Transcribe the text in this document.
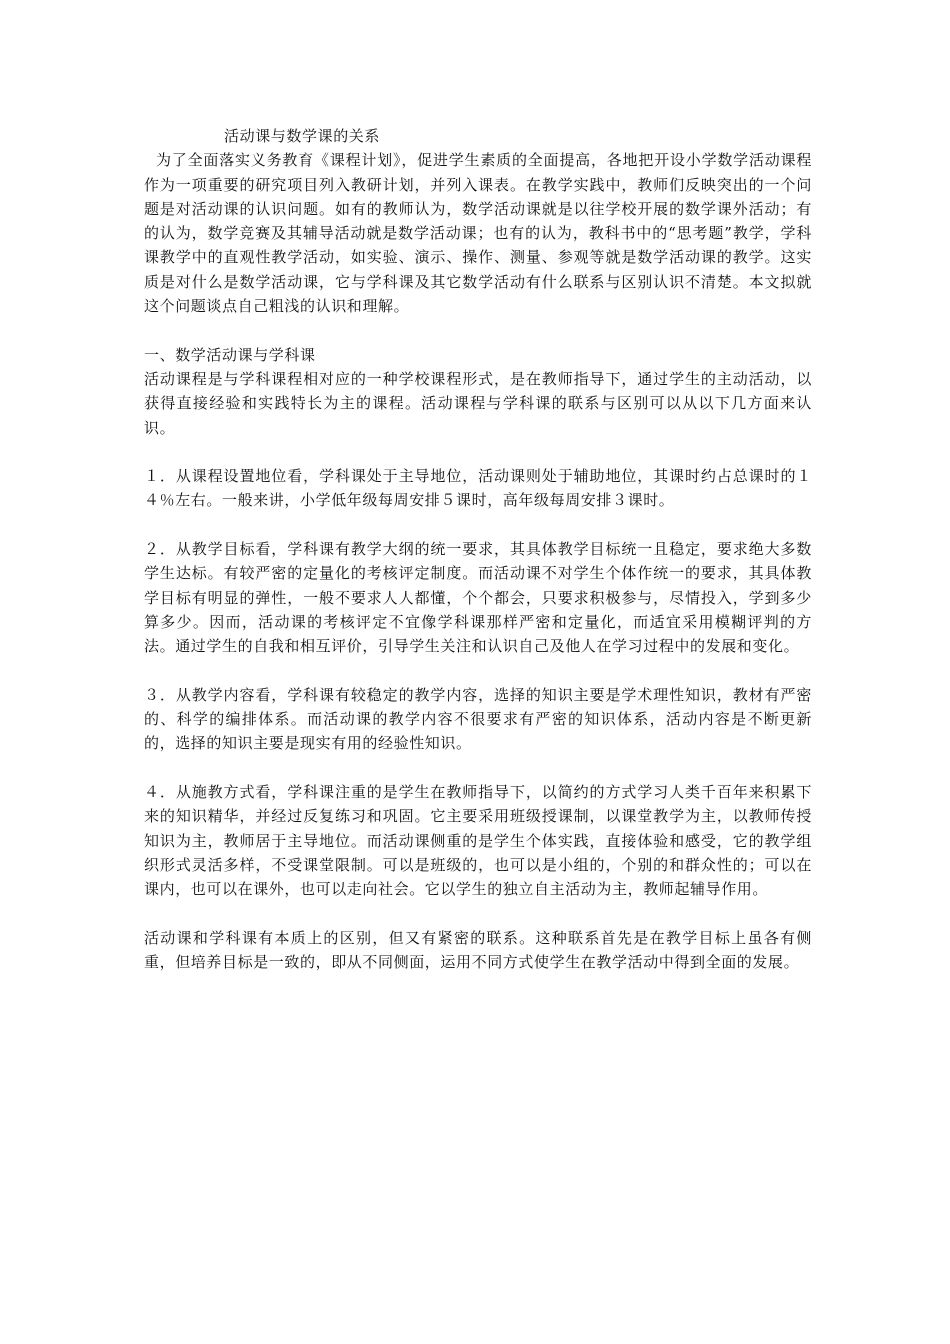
活动课与数学课的关系

为了全面落实义务教育《课程计划》，促进学生素质的全面提高，各地把开设小学数学活动课程作为一项重要的研究项目列入教研计划，并列入课表。在教学实践中，教师们反映突出的一个问题是对活动课的认识问题。如有的教师认为，数学活动课就是以往学校开展的数学课外活动；有的认为，数学竞赛及其辅导活动就是数学活动课；也有的认为，教科书中的“思考题”教学，学科课教学中的直观性教学活动，如实验、演示、操作、测量、参观等就是数学活动课的教学。这实质是对什么是数学活动课，它与学科课及其它数学活动有什么联系与区别认识不清楚。本文拟就这个问题谈点自己粗浅的认识和理解。

一、数学活动课与学科课

活动课程是与学科课程相对应的一种学校课程形式，是在教师指导下，通过学生的主动活动，以获得直接经验和实践特长为主的课程。活动课程与学科课的联系与区别可以从以下几方面来认识。

１．从课程设置地位看，学科课处于主导地位，活动课则处于辅助地位，其课时约占总课时的１４％左右。一般来讲，小学低年级每周安排５课时，高年级每周安排３课时。

２．从教学目标看，学科课有教学大纲的统一要求，其具体教学目标统一且稳定，要求绝大多数学生达标。有较严密的定量化的考核评定制度。而活动课不对学生个体作统一的要求，其具体教学目标有明显的弹性，一般不要求人人都懂，个个都会，只要求积极参与，尽情投入，学到多少算多少。因而，活动课的考核评定不宜像学科课那样严密和定量化，而适宜采用模糊评判的方法。通过学生的自我和相互评价，引导学生关注和认识自己及他人在学习过程中的发展和变化。

３．从教学内容看，学科课有较稳定的教学内容，选择的知识主要是学术理性知识，教材有严密的、科学的编排体系。而活动课的教学内容不很要求有严密的知识体系，活动内容是不断更新的，选择的知识主要是现实有用的经验性知识。

４．从施教方式看，学科课注重的是学生在教师指导下，以简约的方式学习人类千百年来积累下来的知识精华，并经过反复练习和巩固。它主要采用班级授课制，以课堂教学为主，以教师传授知识为主，教师居于主导地位。而活动课侧重的是学生个体实践，直接体验和感受，它的教学组织形式灵活多样，不受课堂限制。可以是班级的，也可以是小组的，个别的和群众性的；可以在课内，也可以在课外，也可以走向社会。它以学生的独立自主活动为主，教师起辅导作用。

活动课和学科课有本质上的区别，但又有紧密的联系。这种联系首先是在教学目标上虽各有侧重，但培养目标是一致的，即从不同侧面，运用不同方式使学生在教学活动中得到全面的发展。
